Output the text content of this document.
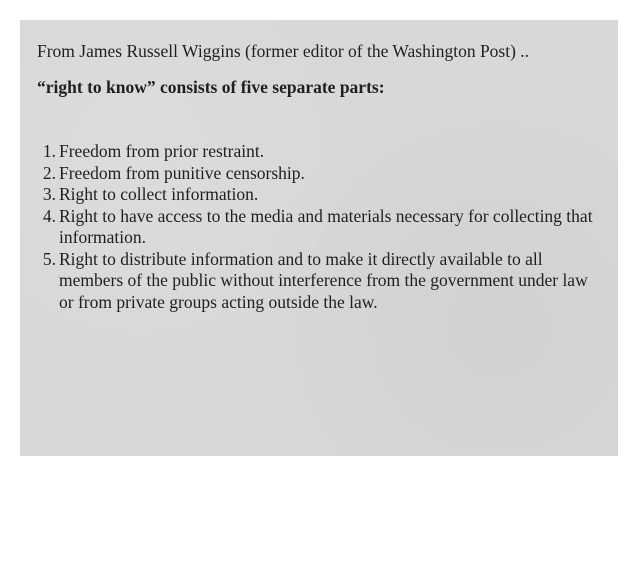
From James Russell Wiggins (former editor of the Washington Post) ..
“right to know” consists of five separate parts:
1. Freedom from prior restraint.
2. Freedom from punitive censorship.
3. Right to collect information.
4. Right to have access to the media and materials necessary for collecting that information.
5. Right to distribute information and to make it directly available to all members of the public without interference from the government under law or from private groups acting outside the law.
